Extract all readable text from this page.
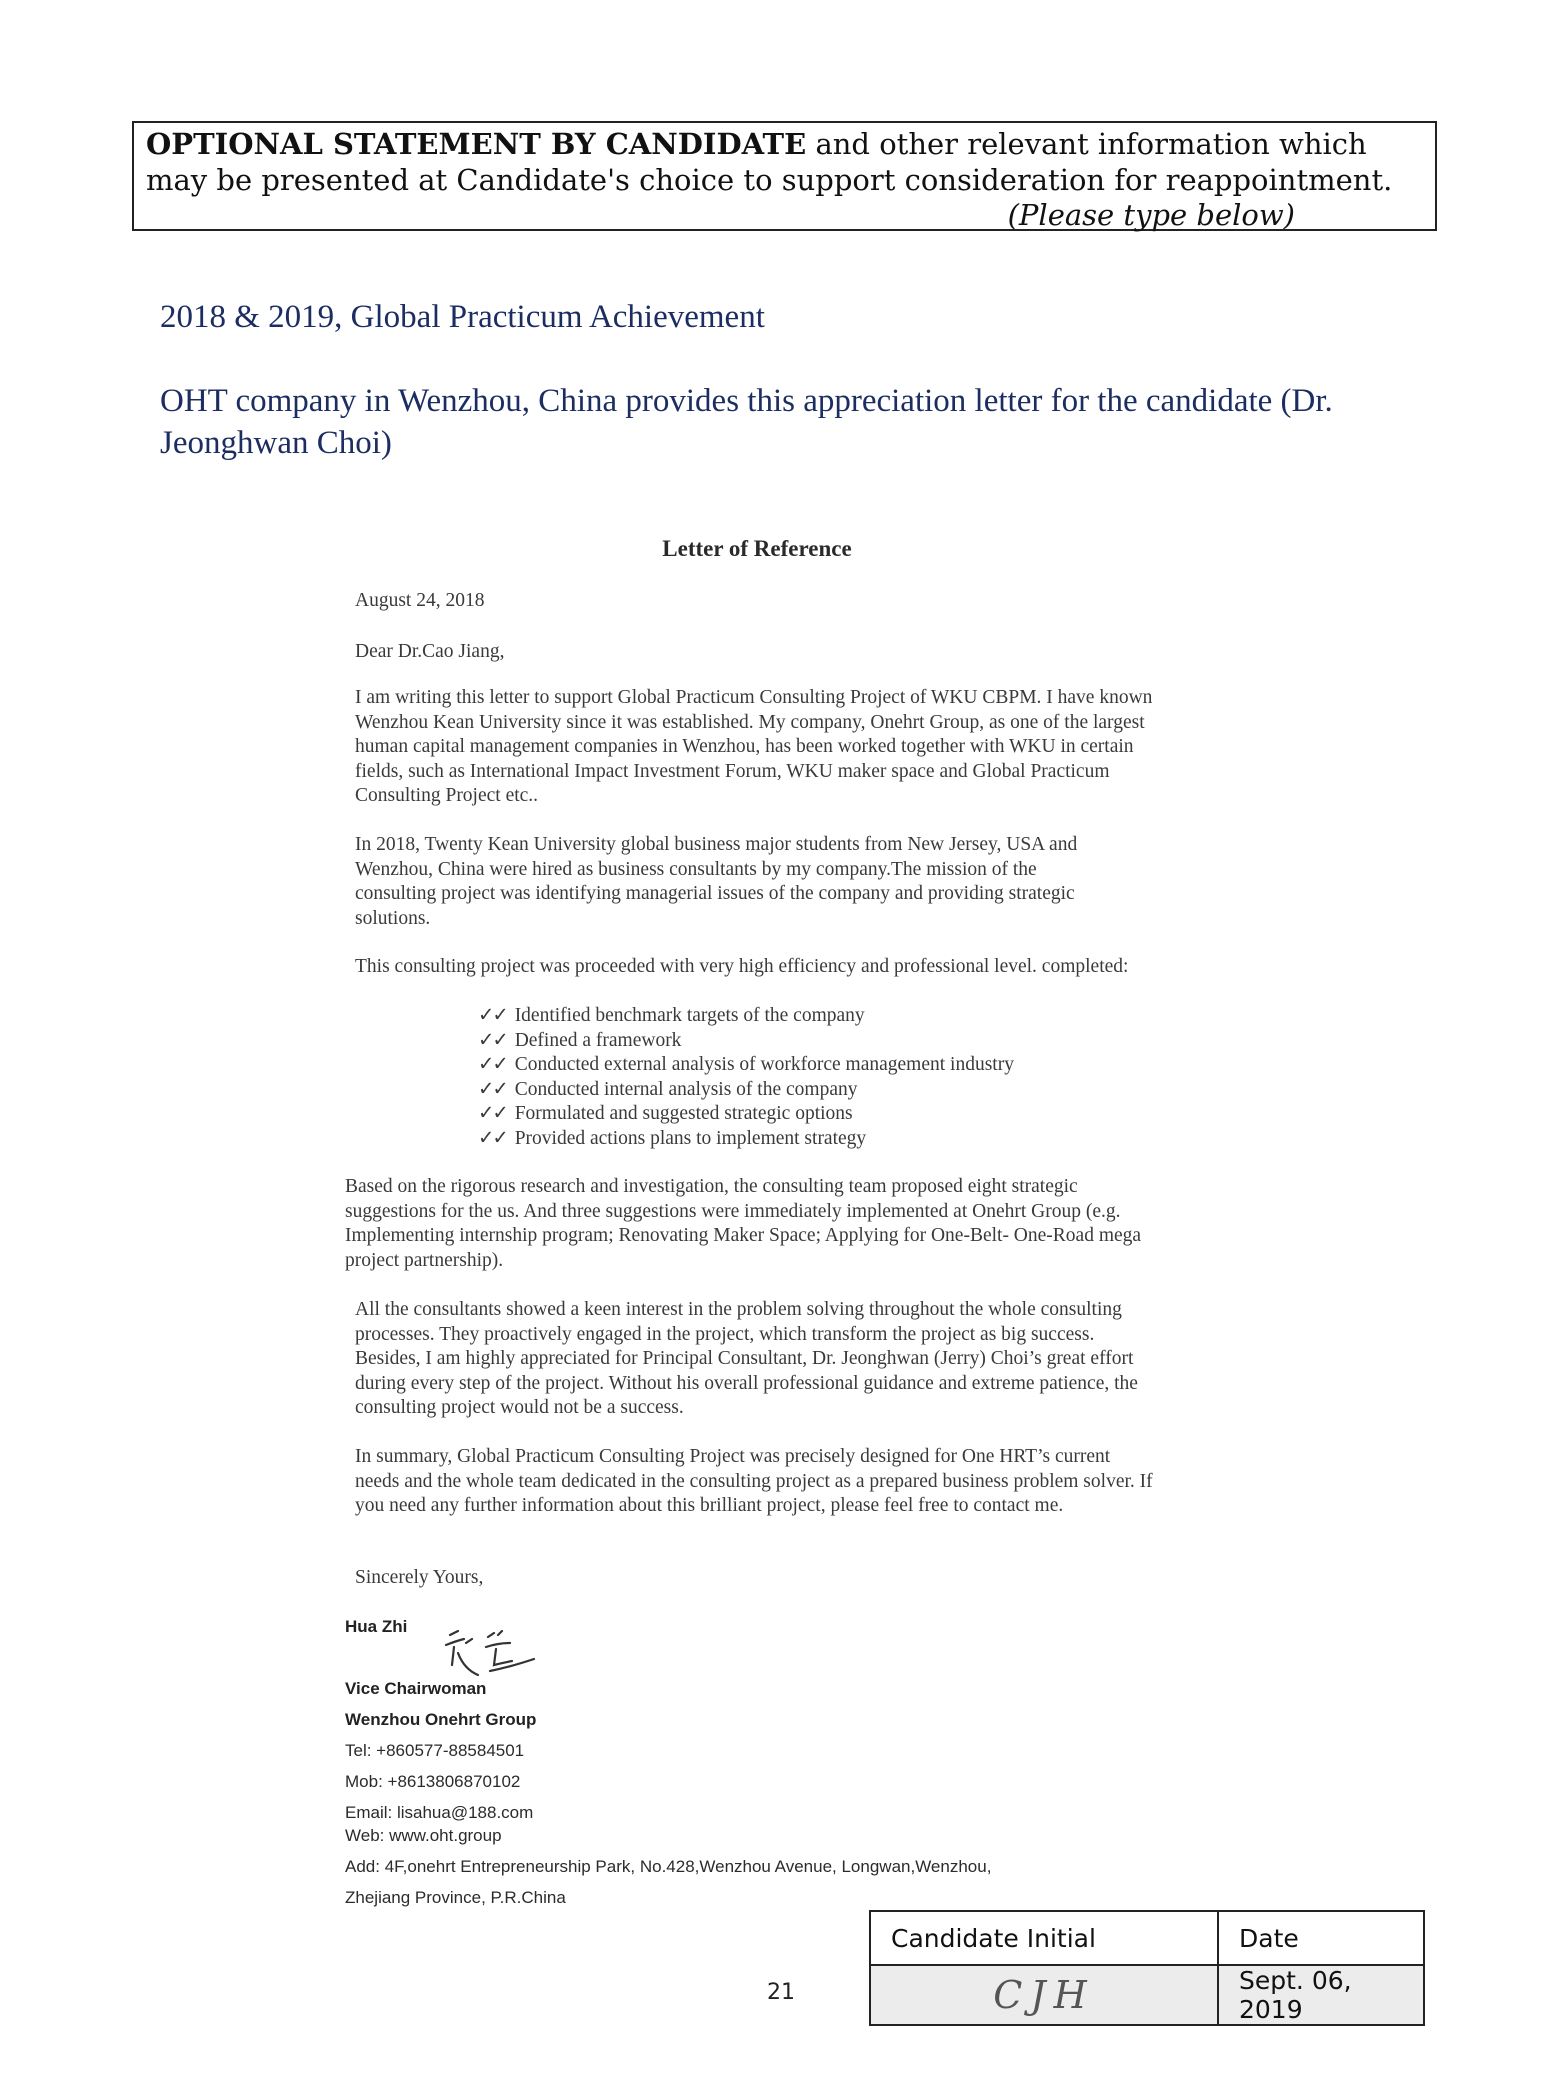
OPTIONAL STATEMENT BY CANDIDATE and other relevant information which
may be presented at Candidate's choice to support consideration for reappointment.
(Please type below)
2018 & 2019, Global Practicum Achievement
OHT company in Wenzhou, China provides this appreciation letter for the candidate (Dr. Jeonghwan Choi)
Letter of Reference
August 24, 2018
Dear Dr.Cao Jiang,
I am writing this letter to support Global Practicum Consulting Project of WKU CBPM. I have known Wenzhou Kean University since it was established. My company, Onehrt Group, as one of the largest human capital management companies in Wenzhou, has been worked together with WKU in certain fields, such as International Impact Investment Forum, WKU maker space and Global Practicum Consulting Project etc..
In 2018, Twenty Kean University global business major students from New Jersey, USA and Wenzhou, China were hired as business consultants by my company.The mission of the consulting project was identifying managerial issues of the company and providing strategic solutions.
This consulting project was proceeded with very high efficiency and professional level. completed:
✓✓ Identified benchmark targets of the company
✓✓ Defined a framework
✓✓ Conducted external analysis of workforce management industry
✓✓ Conducted internal analysis of the company
✓✓ Formulated and suggested strategic options
✓✓ Provided actions plans to implement strategy
Based on the rigorous research and investigation, the consulting team proposed eight strategic suggestions for the us. And three suggestions were immediately implemented at Onehrt Group (e.g. Implementing internship program; Renovating Maker Space; Applying for One-Belt- One-Road mega project partnership).
All the consultants showed a keen interest in the problem solving throughout the whole consulting processes. They proactively engaged in the project, which transform the project as big success. Besides, I am highly appreciated for Principal Consultant, Dr. Jeonghwan (Jerry) Choi’s great effort during every step of the project. Without his overall professional guidance and extreme patience, the consulting project would not be a success.
In summary, Global Practicum Consulting Project was precisely designed for One HRT’s current needs and the whole team dedicated in the consulting project as a prepared business problem solver. If you need any further information about this brilliant project, please feel free to contact me.
Sincerely Yours,
Hua Zhi
Vice Chairwoman
Wenzhou Onehrt Group
Tel: +860577-88584501
Mob: +8613806870102
Email: lisahua@188.com
Web: www.oht.group
Add: 4F,onehrt Entrepreneurship Park, No.428,Wenzhou Avenue, Longwan,Wenzhou,
Zhejiang Province, P.R.China
21
Candidate Initial	Date
CJH	Sept. 06, 2019
